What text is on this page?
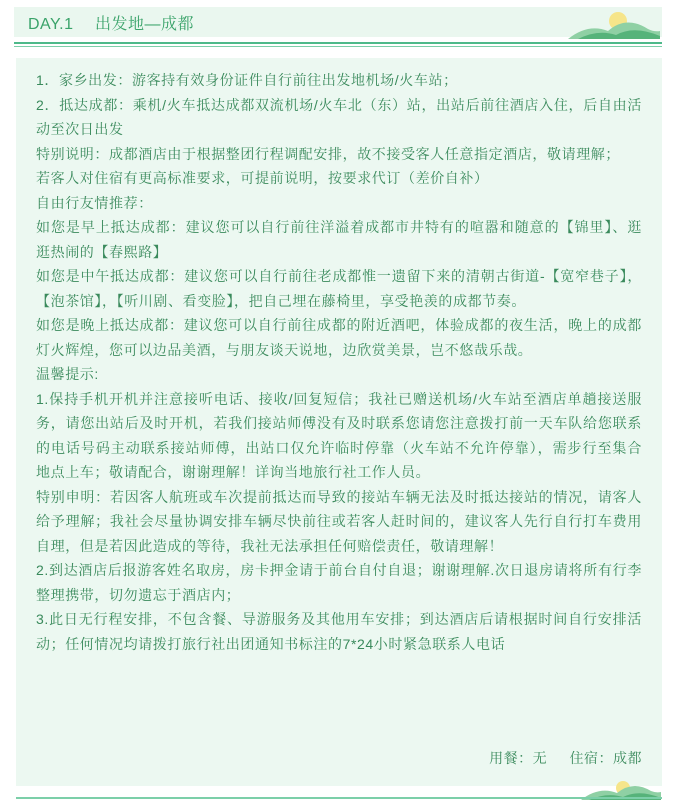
DAY.1　 出发地—成都

1．家乡出发：游客持有效身份证件自行前往出发地机场/火车站；

2．抵达成都：乘机/火车抵达成都双流机场/火车北（东）站，出站后前往酒店入住，后自由活动至次日出发

特别说明：成都酒店由于根据整团行程调配安排，故不接受客人任意指定酒店，敬请理解；

若客人对住宿有更高标准要求，可提前说明，按要求代订（差价自补）

自由行友情推荐：

如您是早上抵达成都：建议您可以自行前往洋溢着成都市井特有的喧嚣和随意的【锦里】、逛逛热闹的【春熙路】

如您是中午抵达成都：建议您可以自行前往老成都惟一遗留下来的清朝古街道-【宽窄巷子】，【泡茶馆】，【听川剧、看变脸】，把自己埋在藤椅里，享受艳羡的成都节奏。

如您是晚上抵达成都：建议您可以自行前往成都的附近酒吧，体验成都的夜生活，晚上的成都灯火辉煌，您可以边品美酒，与朋友谈天说地，边欣赏美景，岂不悠哉乐哉。

温馨提示:

1.保持手机开机并注意接听电话、接收/回复短信；我社已赠送机场/火车站至酒店单趟接送服务，请您出站后及时开机，若我们接站师傅没有及时联系您请您注意拨打前一天车队给您联系的电话号码主动联系接站师傅，出站口仅允许临时停靠（火车站不允许停靠），需步行至集合地点上车；敬请配合，谢谢理解！详询当地旅行社工作人员。

特别申明：若因客人航班或车次提前抵达而导致的接站车辆无法及时抵达接站的情况，请客人给予理解；我社会尽量协调安排车辆尽快前往或若客人赶时间的，建议客人先行自行打车费用自理，但是若因此造成的等待，我社无法承担任何赔偿责任，敬请理解！

2.到达酒店后报游客姓名取房，房卡押金请于前台自付自退；谢谢理解.次日退房请将所有行李整理携带，切勿遗忘于酒店内；

3.此日无行程安排，不包含餐、导游服务及其他用车安排；到达酒店后请根据时间自行安排活动；任何情况均请拨打旅行社出团通知书标注的7*24小时紧急联系人电话

用餐：无 住宿：成都
